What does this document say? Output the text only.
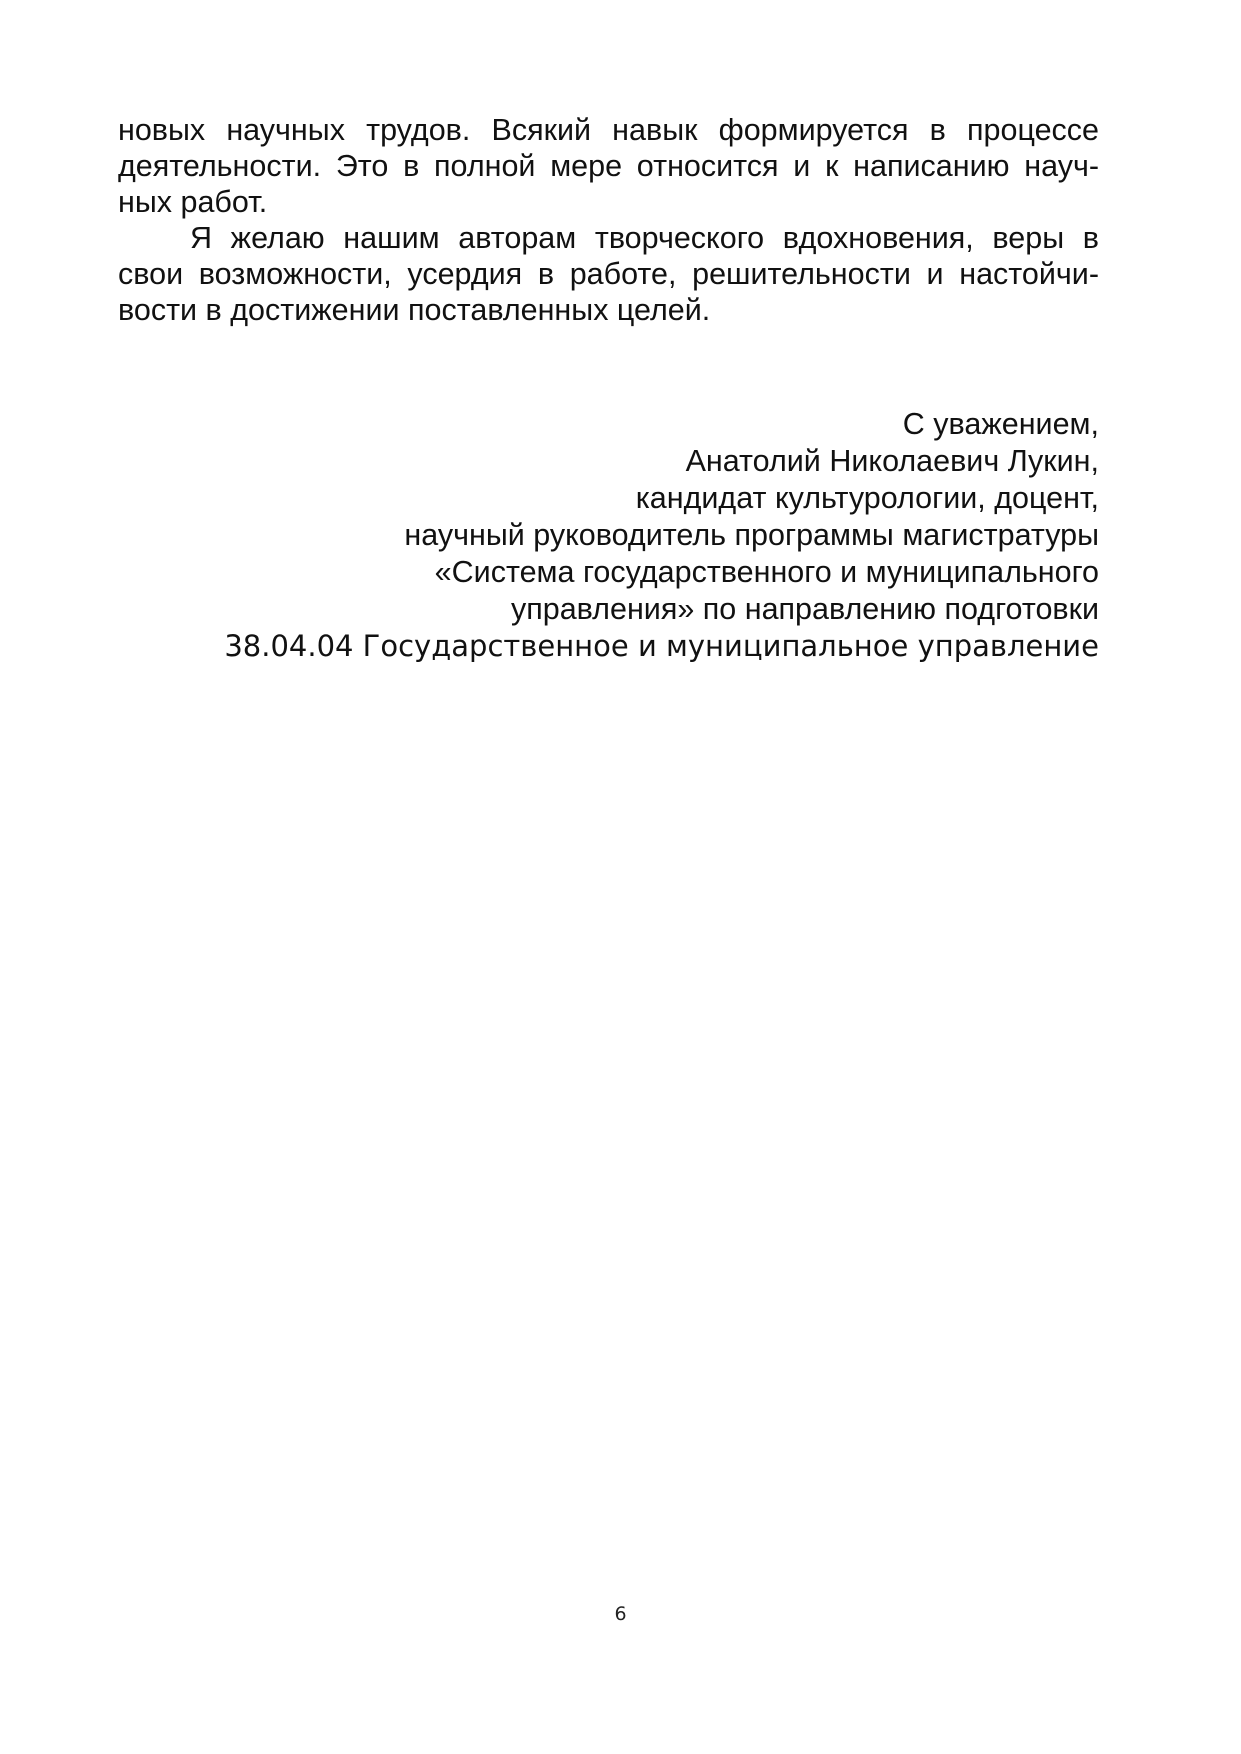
новых научных трудов. Всякий навык формируется в процессе
деятельности. Это в полной мере относится и к написанию науч-
ных работ.
Я желаю нашим авторам творческого вдохновения, веры в
свои возможности, усердия в работе, решительности и настойчи-
вости в достижении поставленных целей.
С уважением,
Анатолий Николаевич Лукин,
кандидат культурологии, доцент,
научный руководитель программы магистратуры
«Система государственного и муниципального
управления» по направлению подготовки
38.04.04 Государственное и муниципальное управление
6
